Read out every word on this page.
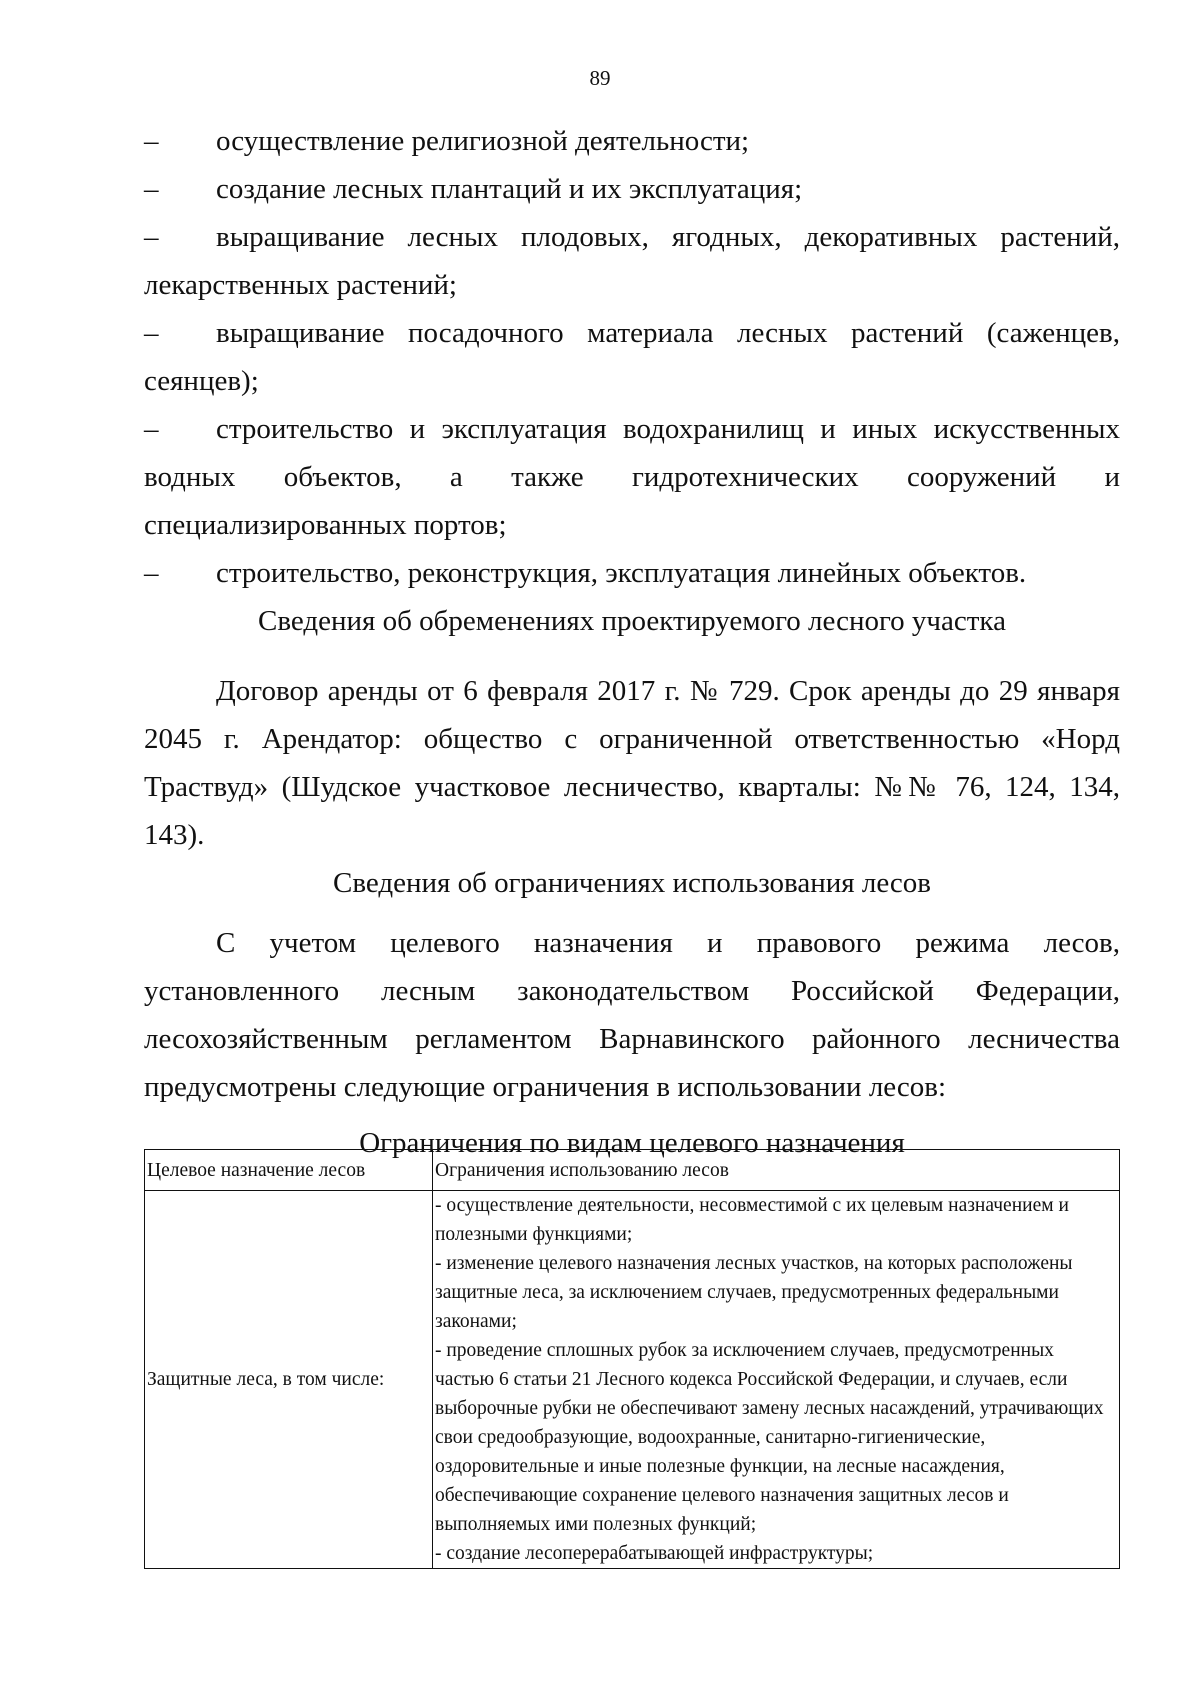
89

– осуществление религиозной деятельности;

– создание лесных плантаций и их эксплуатация;

– выращивание лесных плодовых, ягодных, декоративных растений, лекарственных растений;

– выращивание посадочного материала лесных растений (саженцев, сеянцев);

– строительство и эксплуатация водохранилищ и иных искусственных водных объектов, а также гидротехнических сооружений и специализированных портов;

– строительство, реконструкция, эксплуатация линейных объектов.

Сведения об обременениях проектируемого лесного участка

Договор аренды от 6 февраля 2017 г. № 729. Срок аренды до 29 января 2045 г. Арендатор: общество с ограниченной ответственностью «Норд Траствуд» (Шудское участковое лесничество, кварталы: №№ 76, 124, 134, 143).

Сведения об ограничениях использования лесов

С учетом целевого назначения и правового режима лесов, установленного лесным законодательством Российской Федерации, лесохозяйственным регламентом Варнавинского районного лесничества предусмотрены следующие ограничения в использовании лесов:

Ограничения по видам целевого назначения

Целевое назначение лесов	Ограничения использованию лесов
Защитные леса, в том числе:	- осуществление деятельности, несовместимой с их целевым назначением и полезными функциями;
- изменение целевого назначения лесных участков, на которых расположены защитные леса, за исключением случаев, предусмотренных федеральными законами;
- проведение сплошных рубок за исключением случаев, предусмотренных частью 6 статьи 21 Лесного кодекса Российской Федерации, и случаев, если выборочные рубки не обеспечивают замену лесных насаждений, утрачивающих свои средообразующие, водоохранные, санитарно-гигиенические, оздоровительные и иные полезные функции, на лесные насаждения, обеспечивающие сохранение целевого назначения защитных лесов и выполняемых ими полезных функций;
- создание лесоперерабатывающей инфраструктуры;
